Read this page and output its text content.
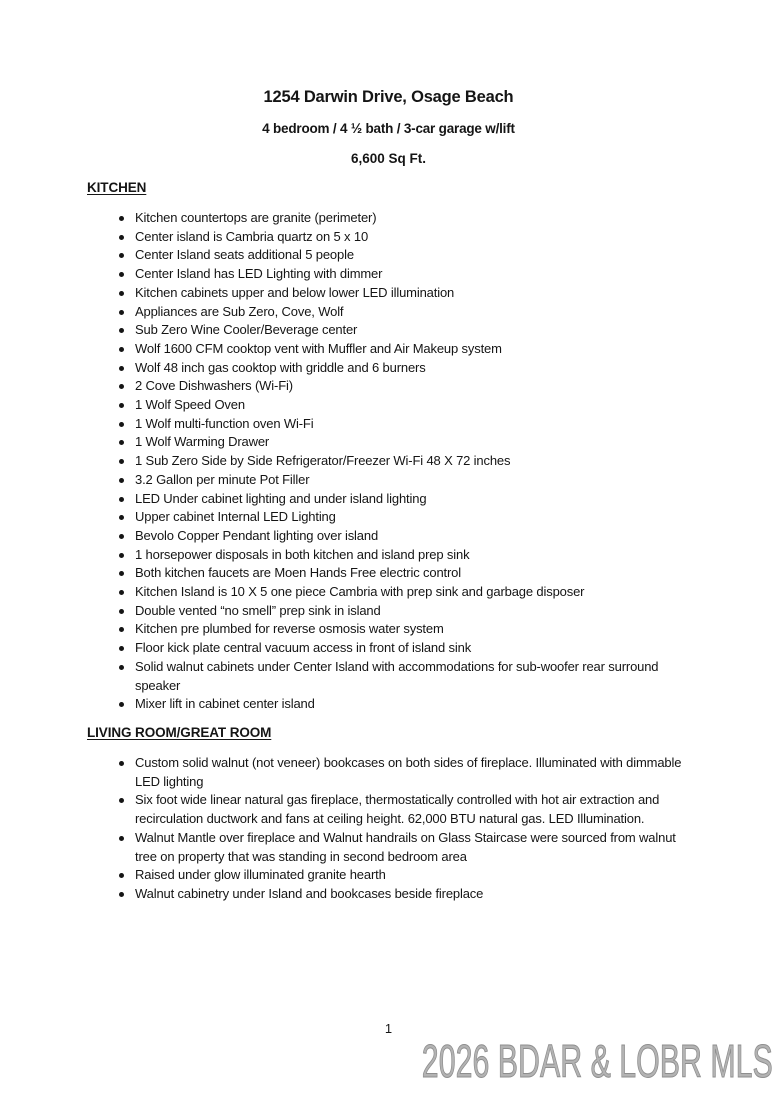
1254 Darwin Drive, Osage Beach
4 bedroom / 4 ½ bath / 3-car garage w/lift
6,600 Sq Ft.
KITCHEN
Kitchen countertops are granite (perimeter)
Center island is Cambria quartz on 5 x 10
Center Island seats additional 5 people
Center Island has LED Lighting with dimmer
Kitchen cabinets upper and below lower LED illumination
Appliances are Sub Zero, Cove, Wolf
Sub Zero Wine Cooler/Beverage center
Wolf 1600 CFM cooktop vent with Muffler and Air Makeup system
Wolf 48 inch gas cooktop with griddle and 6 burners
2 Cove Dishwashers (Wi-Fi)
1 Wolf Speed Oven
1 Wolf multi-function oven Wi-Fi
1 Wolf Warming Drawer
1 Sub Zero Side by Side Refrigerator/Freezer Wi-Fi 48 X 72 inches
3.2 Gallon per minute Pot Filler
LED Under cabinet lighting and under island lighting
Upper cabinet Internal LED Lighting
Bevolo Copper Pendant lighting over island
1 horsepower disposals in both kitchen and island prep sink
Both kitchen faucets are Moen Hands Free electric control
Kitchen Island is 10 X 5 one piece Cambria with prep sink and garbage disposer
Double vented “no smell” prep sink in island
Kitchen pre plumbed for reverse osmosis water system
Floor kick plate central vacuum access in front of island sink
Solid walnut cabinets under Center Island with accommodations for sub-woofer rear surround speaker
Mixer lift in cabinet center island
LIVING ROOM/GREAT ROOM
Custom solid walnut (not veneer) bookcases on both sides of fireplace. Illuminated with dimmable LED lighting
Six foot wide linear natural gas fireplace, thermostatically controlled with hot air extraction and recirculation ductwork and fans at ceiling height. 62,000 BTU natural gas. LED Illumination.
Walnut Mantle over fireplace and Walnut handrails on Glass Staircase were sourced from walnut tree on property that was standing in second bedroom area
Raised under glow illuminated granite hearth
Walnut cabinetry under Island and bookcases beside fireplace
1
2026 BDAR & LOBR MLS
